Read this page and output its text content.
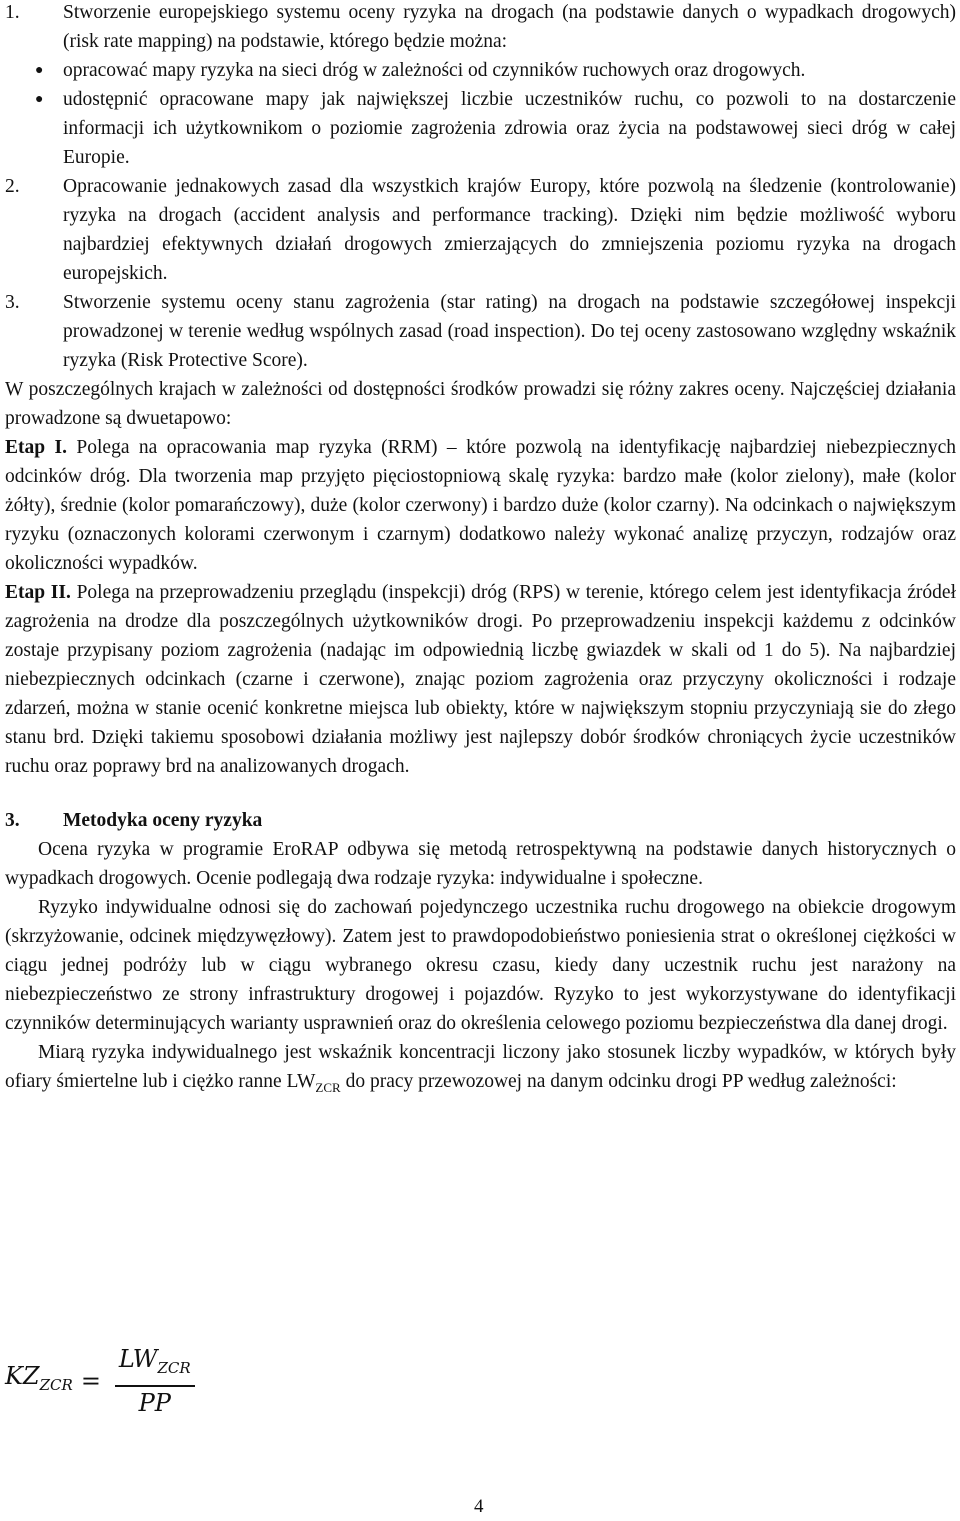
1.	Stworzenie europejskiego systemu oceny ryzyka na drogach (na podstawie danych o wypadkach drogowych) (risk rate mapping) na podstawie, którego będzie można:
●	opracować mapy ryzyka na sieci dróg w zależności od czynników ruchowych oraz drogowych.
●	udostępnić opracowane mapy jak największej liczbie uczestników ruchu, co pozwoli to na dostarczenie informacji ich użytkownikom o poziomie zagrożenia zdrowia oraz życia na podstawowej sieci dróg w całej Europie.
2.	Opracowanie jednakowych zasad dla wszystkich krajów Europy, które pozwolą na śledzenie (kontrolowanie) ryzyka na drogach (accident analysis and performance tracking). Dzięki nim będzie możliwość wyboru najbardziej efektywnych działań drogowych zmierzających do zmniejszenia poziomu ryzyka na drogach europejskich.
3.	Stworzenie systemu oceny stanu zagrożenia (star rating) na drogach na podstawie szczegółowej inspekcji prowadzonej w terenie według wspólnych zasad (road inspection). Do tej oceny zastosowano względny wskaźnik ryzyka (Risk Protective Score).

W poszczególnych krajach w zależności od dostępności środków prowadzi się różny zakres oceny. Najczęściej działania prowadzone są dwuetapowo:

Etap I. Polega na opracowania map ryzyka (RRM) – które pozwolą na identyfikację najbardziej niebezpiecznych odcinków dróg. Dla tworzenia map przyjęto pięciostopniową skalę ryzyka: bardzo małe (kolor zielony), małe (kolor żółty), średnie (kolor pomarańczowy), duże (kolor czerwony) i bardzo duże (kolor czarny). Na odcinkach o największym ryzyku (oznaczonych kolorami czerwonym i czarnym) dodatkowo należy wykonać analizę przyczyn, rodzajów oraz okoliczności wypadków.

Etap II. Polega na przeprowadzeniu przeglądu (inspekcji) dróg (RPS) w terenie, którego celem jest identyfikacja źródeł zagrożenia na drodze dla poszczególnych użytkowników drogi. Po przeprowadzeniu inspekcji każdemu z odcinków zostaje przypisany poziom zagrożenia (nadając im odpowiednią liczbę gwiazdek w skali od 1 do 5). Na najbardziej niebezpiecznych odcinkach (czarne i czerwone), znając poziom zagrożenia oraz przyczyny okoliczności i rodzaje zdarzeń, można w stanie ocenić konkretne miejsca lub obiekty, które w największym stopniu przyczyniają sie do złego stanu brd. Dzięki takiemu sposobowi działania możliwy jest najlepszy dobór środków chroniących życie uczestników ruchu oraz poprawy brd na analizowanych drogach.

3.	Metodyka oceny ryzyka

Ocena ryzyka w programie EroRAP odbywa się metodą retrospektywną na podstawie danych historycznych o wypadkach drogowych. Ocenie podlegają dwa rodzaje ryzyka: indywidualne i społeczne.

Ryzyko indywidualne odnosi się do zachowań pojedynczego uczestnika ruchu drogowego na obiekcie drogowym (skrzyżowanie, odcinek międzywęzłowy). Zatem jest to prawdopodobieństwo poniesienia strat o określonej ciężkości w ciągu jednej podróży lub w ciągu wybranego okresu czasu, kiedy dany uczestnik ruchu jest narażony na niebezpieczeństwo ze strony infrastruktury drogowej i pojazdów. Ryzyko to jest wykorzystywane do identyfikacji czynników determinujących warianty usprawnień oraz do określenia celowego poziomu bezpieczeństwa dla danej drogi.

Miarą ryzyka indywidualnego jest wskaźnik koncentracji liczony jako stosunek liczby wypadków, w których były ofiary śmiertelne lub i ciężko ranne $LW_{ZCR}$ do pracy przewozowej na danym odcinku drogi PP według zależności:

$KZ_{ZCR} = \frac{LW_{ZCR}}{PP}$
4
